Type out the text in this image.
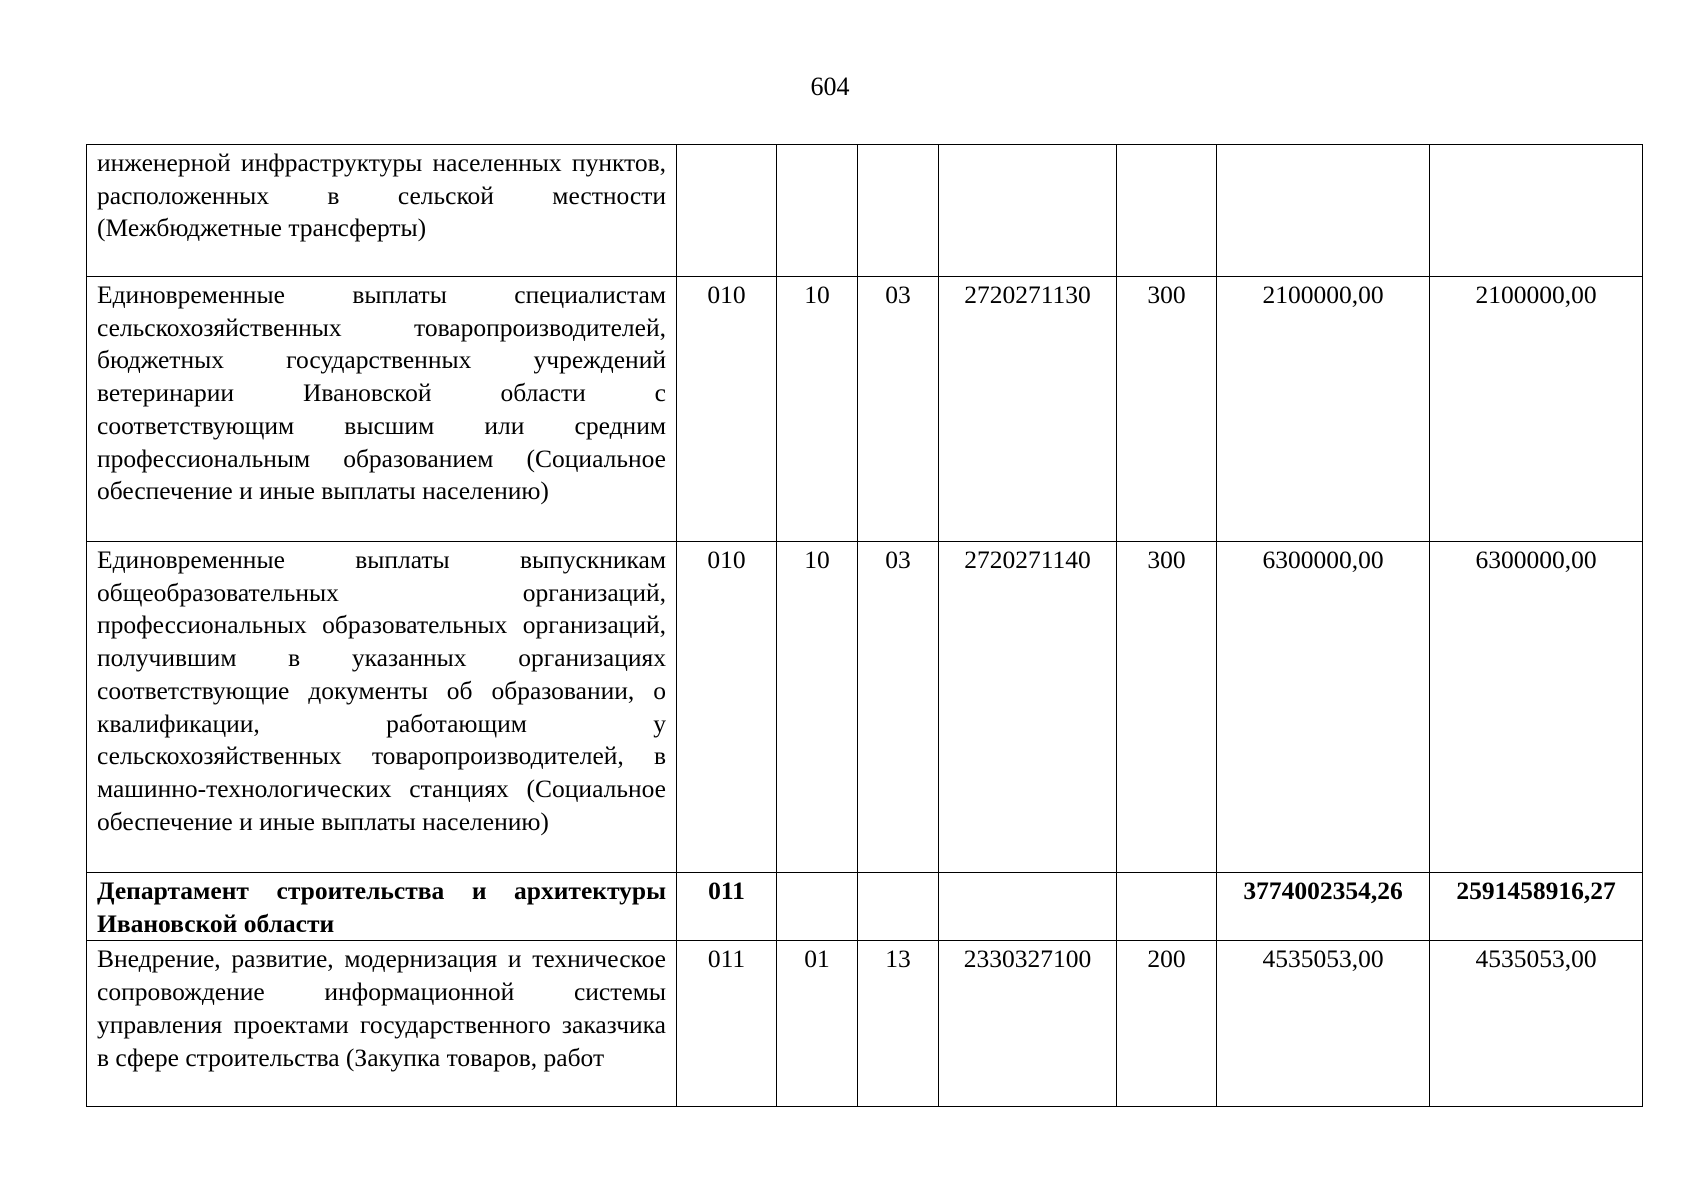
604
инженерной инфраструктуры населенных пунктов, расположенных в сельской местности (Межбюджетные трансферты)							
Единовременные выплаты специалистам сельскохозяйственных товаропроизводителей, бюджетных государственных учреждений ветеринарии Ивановской области с соответствующим высшим или средним профессиональным образованием (Социальное обеспечение и иные выплаты населению)	010	10	03	2720271130	300	2100000,00	2100000,00
Единовременные выплаты выпускникам общеобразовательных организаций, профессиональных образовательных организаций, получившим в указанных организациях соответствующие документы об образовании, о квалификации, работающим у сельскохозяйственных товаропроизводителей, в машинно-технологических станциях (Социальное обеспечение и иные выплаты населению)	010	10	03	2720271140	300	6300000,00	6300000,00
Департамент строительства и архитектуры Ивановской области	011					3774002354,26	2591458916,27
Внедрение, развитие, модернизация и техническое сопровождение информационной системы управления проектами государственного заказчика в сфере строительства (Закупка товаров, работ	011	01	13	2330327100	200	4535053,00	4535053,00
